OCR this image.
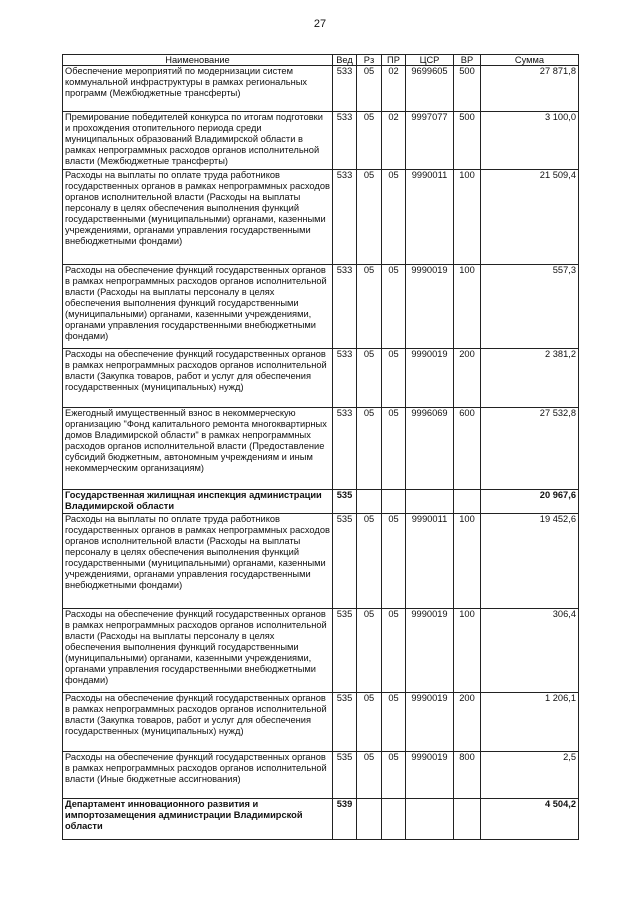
27
Наименование	Вед	Рз	ПР	ЦСР	ВР	Сумма
Обеспечение мероприятий по модернизации систем коммунальной инфраструктуры в рамках региональных программ (Межбюджетные трансферты)	533	05	02	9699605	500	27 871,8
Премирование победителей конкурса по итогам подготовки и прохождения отопительного периода среди муниципальных образований Владимирской области в рамках непрограммных расходов органов исполнительной власти (Межбюджетные трансферты)	533	05	02	9997077	500	3 100,0
Расходы на выплаты по оплате труда работников государственных органов в рамках непрограммных расходов органов исполнительной власти (Расходы на выплаты персоналу в целях обеспечения выполнения функций государственными (муниципальными) органами, казенными учреждениями, органами управления государственными внебюджетными фондами)	533	05	05	9990011	100	21 509,4
Расходы на обеспечение функций государственных органов в рамках непрограммных расходов органов исполнительной власти (Расходы на выплаты персоналу в целях обеспечения выполнения функций государственными (муниципальными) органами, казенными учреждениями, органами управления государственными внебюджетными фондами)	533	05	05	9990019	100	557,3
Расходы на обеспечение функций государственных органов в рамках непрограммных расходов органов исполнительной власти (Закупка товаров, работ и услуг для обеспечения государственных (муниципальных) нужд)	533	05	05	9990019	200	2 381,2
Ежегодный имущественный взнос в некоммерческую организацию "Фонд капитального ремонта многоквартирных домов Владимирской области" в рамках непрограммных расходов органов исполнительной власти (Предоставление субсидий бюджетным, автономным учреждениям и иным некоммерческим организациям)	533	05	05	9996069	600	27 532,8
Государственная жилищная инспекция администрации Владимирской области	535					20 967,6
Расходы на выплаты по оплате труда работников государственных органов в рамках непрограммных расходов органов исполнительной власти (Расходы на выплаты персоналу в целях обеспечения выполнения функций государственными (муниципальными) органами, казенными учреждениями, органами управления государственными внебюджетными фондами)	535	05	05	9990011	100	19 452,6
Расходы на обеспечение функций государственных органов в рамках непрограммных расходов органов исполнительной власти (Расходы на выплаты персоналу в целях обеспечения выполнения функций государственными (муниципальными) органами, казенными учреждениями, органами управления государственными внебюджетными фондами)	535	05	05	9990019	100	306,4
Расходы на обеспечение функций государственных органов в рамках непрограммных расходов органов исполнительной власти (Закупка товаров, работ и услуг для обеспечения государственных (муниципальных) нужд)	535	05	05	9990019	200	1 206,1
Расходы на обеспечение функций государственных органов в рамках непрограммных расходов органов исполнительной власти (Иные бюджетные ассигнования)	535	05	05	9990019	800	2,5
Департамент инновационного развития и импортозамещения администрации Владимирской области	539					4 504,2
